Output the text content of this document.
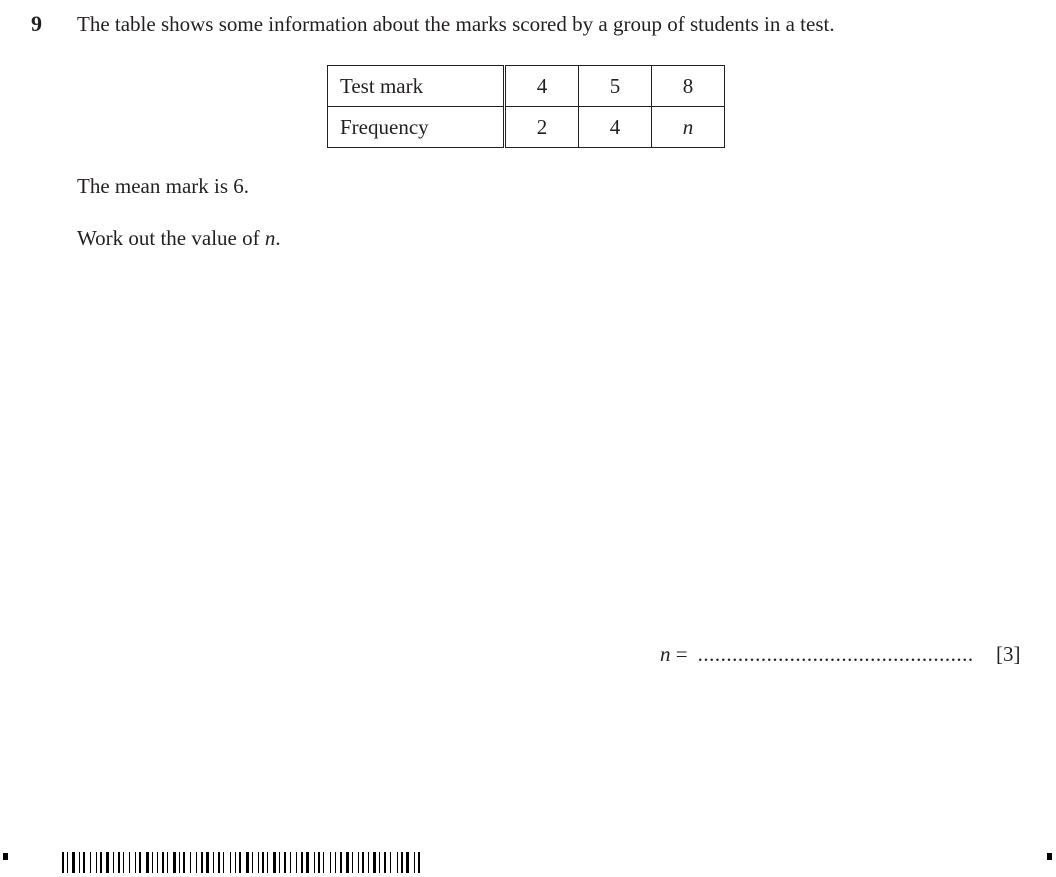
9 The table shows some information about the marks scored by a group of students in a test.
Test mark	4	5	8
Frequency	2	4	n
The mean mark is 6.
Work out the value of n.
n = ................................................ [3]
